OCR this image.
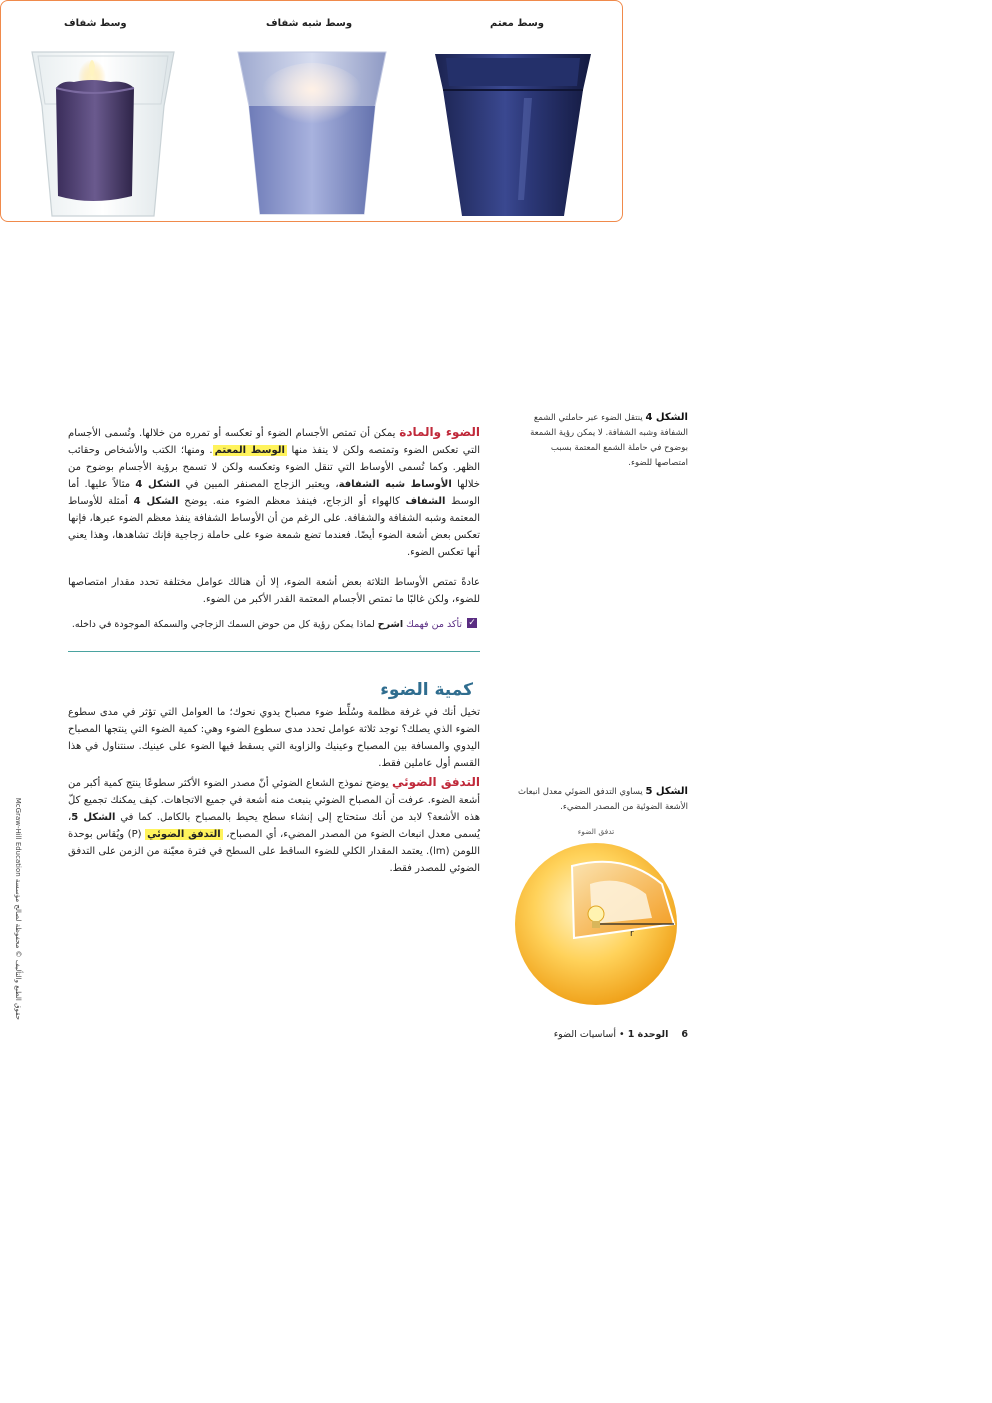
وسط شفاف	وسط شبه شفاف	وسط معتم
الشكل 4 ينتقل الضوء عبر حاملتي الشمع الشفافة وشبه الشفافة. لا يمكن رؤية الشمعة بوضوح في حاملة الشمع المعتمة بسبب امتصاصها للضوء.
الضوء والمادة يمكن أن تمتص الأجسام الضوء أو تعكسه أو تمرره من خلالها. وتُسمى الأجسام التي تعكس الضوء وتمتصه ولكن لا ينفذ منها الوسط المعتم. ومنها؛ الكتب والأشخاص وحقائب الظهر. وكما تُسمى الأوساط التي تنقل الضوء وتعكسه ولكن لا تسمح برؤية الأجسام بوضوح من خلالها الأوساط شبه الشفافة، ويعتبر الزجاج المصنفر المبين في الشكل 4 مثالاً عليها. أما الوسط الشفاف كالهواء أو الزجاج، فينفذ معظم الضوء منه. يوضح الشكل 4 أمثلة للأوساط المعتمة وشبه الشفافة والشفافة. على الرغم من أن الأوساط الشفافة ينفذ معظم الضوء عبرها، فإنها تعكس بعض أشعة الضوء أيضًا. فعندما تضع شمعة ضوء على حاملة زجاجية فإنك تشاهدها، وهذا يعني أنها تعكس الضوء.
عادةً تمتص الأوساط الثلاثة بعض أشعة الضوء، إلا أن هنالك عوامل مختلفة تحدد مقدار امتصاصها للضوء، ولكن غالبًا ما تمتص الأجسام المعتمة القدر الأكبر من الضوء.
✓
تأكد من فهمك اشرح لماذا يمكن رؤية كل من حوض السمك الزجاجي والسمكة الموجودة في داخله.
كمية الضوء
تخيل أنك في غرفة مظلمة وسُلِّط ضوء مصباح يدوي نحوك؛ ما العوامل التي تؤثر في مدى سطوع الضوء الذي يصلك؟ توجد ثلاثة عوامل تحدد مدى سطوع الضوء وهي: كمية الضوء التي ينتجها المصباح اليدوي والمسافة بين المصباح وعينيك والزاوية التي يسقط فيها الضوء على عينيك. سنتناول في هذا القسم أول عاملين فقط.
التدفق الضوئي يوضح نموذج الشعاع الضوئي أنّ مصدر الضوء الأكثر سطوعًا ينتج كمية أكبر من أشعة الضوء. عرفت أن المصباح الضوئي ينبعث منه أشعة في جميع الاتجاهات. كيف يمكنك تجميع كلّ هذه الأشعة؟ لابد من أنك ستحتاج إلى إنشاء سطح يحيط بالمصباح بالكامل. كما في الشكل 5، يُسمى معدل انبعاث الضوء من المصدر المضيء، أي المصباح، التدفق الضوئي (P) ويُقاس بوحدة اللومن (lm). يعتمد المقدار الكلي للضوء الساقط على السطح في فترة معيّنة من الزمن على التدفق الضوئي للمصدر فقط.
الشكل 5 يساوي التدفق الضوئي معدل انبعاث الأشعة الضوئية من المصدر المضيء.
تدفق الضوء
r
حقوق الطبع والتأليف © محفوظة لصالح مؤسسة McGraw-Hill Education
6 الوحدة 1 • أساسيات الضوء
